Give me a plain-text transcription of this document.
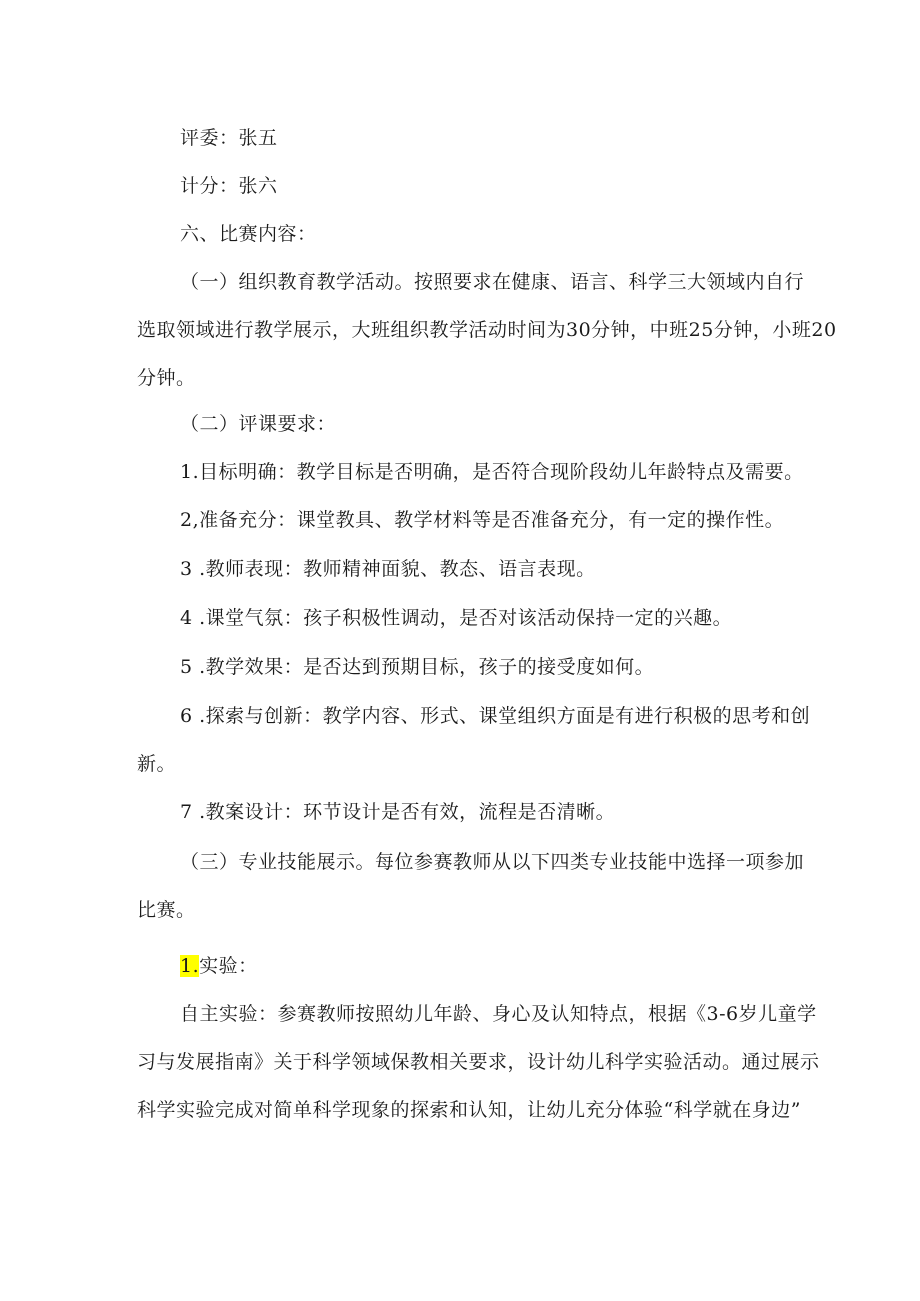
评委：张五
计分：张六
六、比赛内容：
（一）组织教育教学活动。按照要求在健康、语言、科学三大领域内自行
选取领域进行教学展示，大班组织教学活动时间为30分钟，中班25分钟，小班20
分钟。
（二）评课要求：
1.目标明确：教学目标是否明确，是否符合现阶段幼儿年龄特点及需要。
2,准备充分：课堂教具、教学材料等是否准备充分，有一定的操作性。
3 .教师表现：教师精神面貌、教态、语言表现。
4 .课堂气氛：孩子积极性调动，是否对该活动保持一定的兴趣。
5 .教学效果：是否达到预期目标，孩子的接受度如何。
6 .探索与创新：教学内容、形式、课堂组织方面是有进行积极的思考和创
新。
7 .教案设计：环节设计是否有效，流程是否清晰。
（三）专业技能展示。每位参赛教师从以下四类专业技能中选择一项参加
比赛。
1.实验：
自主实验：参赛教师按照幼儿年龄、身心及认知特点，根据《3-6岁儿童学
习与发展指南》关于科学领域保教相关要求，设计幼儿科学实验活动。通过展示
科学实验完成对简单科学现象的探索和认知，让幼儿充分体验“科学就在身边”
